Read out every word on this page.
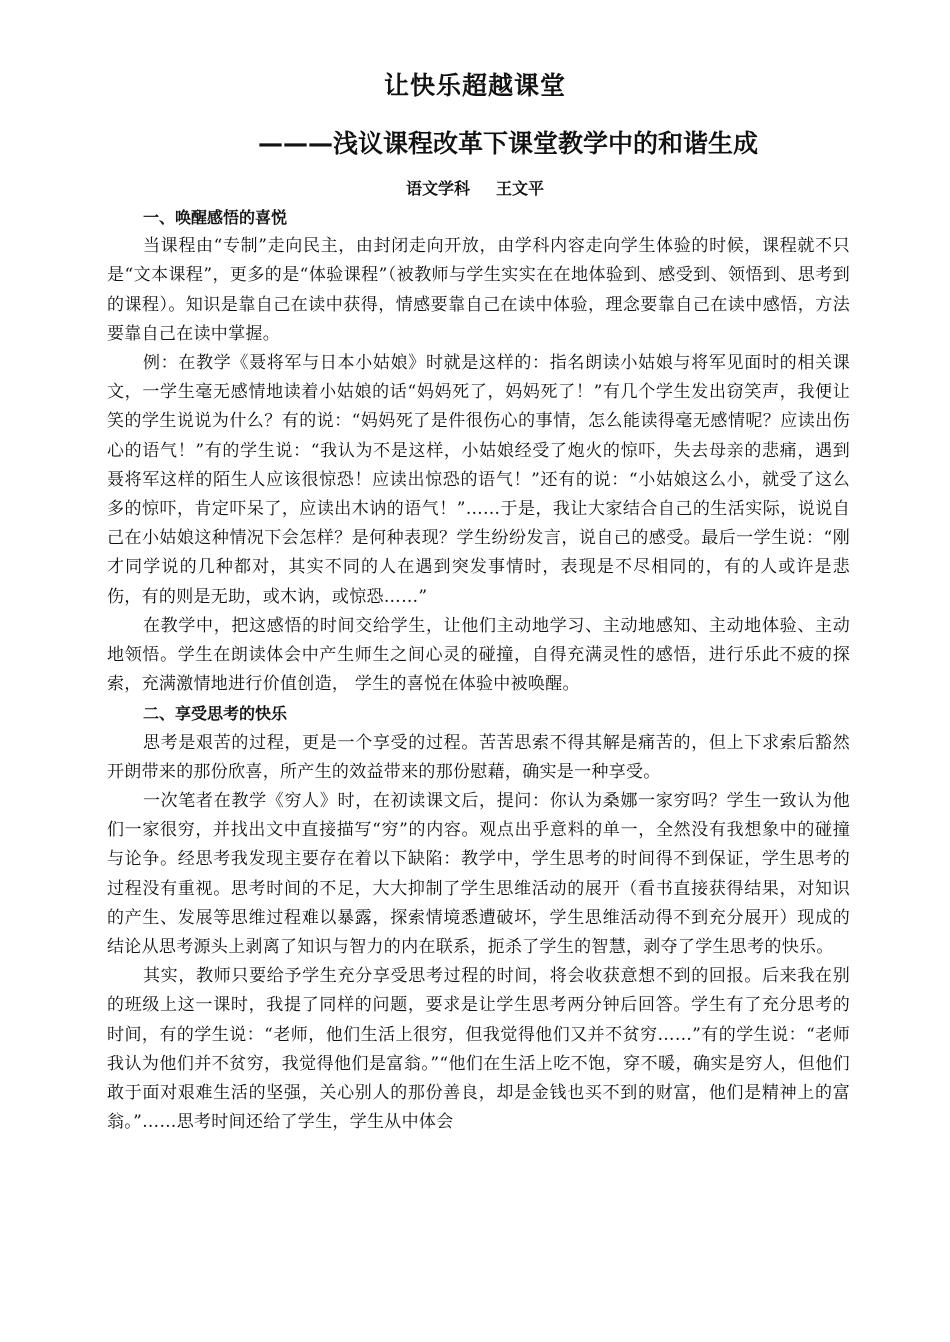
让快乐超越课堂
———浅议课程改革下课堂教学中的和谐生成
语文学科 王文平

一、唤醒感悟的喜悦

当课程由“专制”走向民主，由封闭走向开放，由学科内容走向学生体验的时候，课程就不只是“文本课程”，更多的是“体验课程”（被教师与学生实实在在地体验到、感受到、领悟到、思考到的课程）。知识是靠自己在读中获得，情感要靠自己在读中体验，理念要靠自己在读中感悟，方法要靠自己在读中掌握。

例：在教学《聂将军与日本小姑娘》时就是这样的：指名朗读小姑娘与将军见面时的相关课文，一学生毫无感情地读着小姑娘的话“妈妈死了，妈妈死了！”有几个学生发出窃笑声，我便让笑的学生说说为什么？有的说：“妈妈死了是件很伤心的事情，怎么能读得毫无感情呢？应读出伤心的语气！”有的学生说：“我认为不是这样，小姑娘经受了炮火的惊吓，失去母亲的悲痛，遇到聂将军这样的陌生人应该很惊恐！应读出惊恐的语气！”还有的说：“小姑娘这么小，就受了这么多的惊吓，肯定吓呆了，应读出木讷的语气！”……于是，我让大家结合自己的生活实际，说说自己在小姑娘这种情况下会怎样？是何种表现？学生纷纷发言，说自己的感受。最后一学生说：“刚才同学说的几种都对，其实不同的人在遇到突发事情时，表现是不尽相同的，有的人或许是悲伤，有的则是无助，或木讷，或惊恐……”

在教学中，把这感悟的时间交给学生，让他们主动地学习、主动地感知、主动地体验、主动地领悟。学生在朗读体会中产生师生之间心灵的碰撞，自得充满灵性的感悟，进行乐此不疲的探索，充满激情地进行价值创造， 学生的喜悦在体验中被唤醒。

二、享受思考的快乐

思考是艰苦的过程，更是一个享受的过程。苦苦思索不得其解是痛苦的，但上下求索后豁然开朗带来的那份欣喜，所产生的效益带来的那份慰藉，确实是一种享受。

一次笔者在教学《穷人》时，在初读课文后，提问：你认为桑娜一家穷吗？学生一致认为他们一家很穷，并找出文中直接描写“穷”的内容。观点出乎意料的单一，全然没有我想象中的碰撞与论争。经思考我发现主要存在着以下缺陷：教学中，学生思考的时间得不到保证，学生思考的过程没有重视。思考时间的不足，大大抑制了学生思维活动的展开（看书直接获得结果，对知识的产生、发展等思维过程难以暴露，探索情境悉遭破坏，学生思维活动得不到充分展开）现成的结论从思考源头上剥离了知识与智力的内在联系，扼杀了学生的智慧，剥夺了学生思考的快乐。

其实，教师只要给予学生充分享受思考过程的时间，将会收获意想不到的回报。后来我在别的班级上这一课时，我提了同样的问题，要求是让学生思考两分钟后回答。学生有了充分思考的时间，有的学生说：“老师，他们生活上很穷，但我觉得他们又并不贫穷……”有的学生说：“老师我认为他们并不贫穷，我觉得他们是富翁。”“他们在生活上吃不饱，穿不暖，确实是穷人，但他们敢于面对艰难生活的坚强，关心别人的那份善良，却是金钱也买不到的财富，他们是精神上的富翁。”……思考时间还给了学生，学生从中体会
